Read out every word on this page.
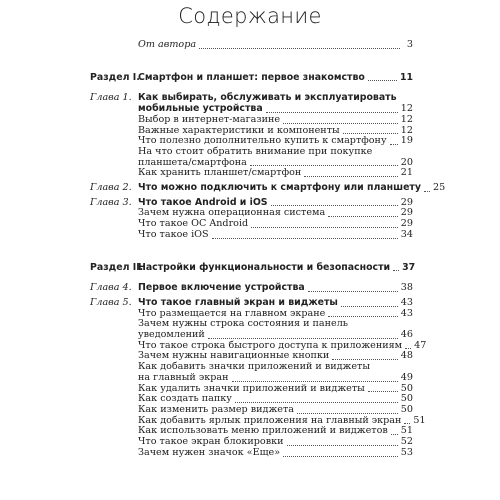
Содержание
От автора	3
Раздел I.
Смартфон и планшет: первое знакомство	11
Глава 1. Как выбирать, обслуживать и эксплуатировать
мобильные устройства	12
Выбор в интернет-магазине	12
Важные характеристики и компоненты	12
Что полезно дополнительно купить к смартфону 19
На что стоит обратить внимание при покупке
планшета/смартфона	20
Как хранить планшет/смартфон	21
Глава 2. Что можно подключить к смартфону или планшету 25
Глава 3. Что такое Android и iOS	29
Зачем нужна операционная система	29
Что такое ОС Android	29
Что такое iOS	34
Раздел II.
Настройки функциональности и безопасности 37
Глава 4. Первое включение устройства	38
Глава 5. Что такое главный экран и виджеты	43
Что размещается на главном экране	43
Зачем нужны строка состояния и панель
уведомлений	46
Что такое строка быстрого доступа к приложениям 47
Зачем нужны навигационные кнопки	48
Как добавить значки приложений и виджеты
на главный экран	49
Как удалить значки приложений и виджеты	50
Как создать папку	50
Как изменить размер виджета	50
Как добавить ярлык приложения на главный экран 51
Как использовать меню приложений и виджетов 51
Что такое экран блокировки	52
Зачем нужен значок «Еще»	53
